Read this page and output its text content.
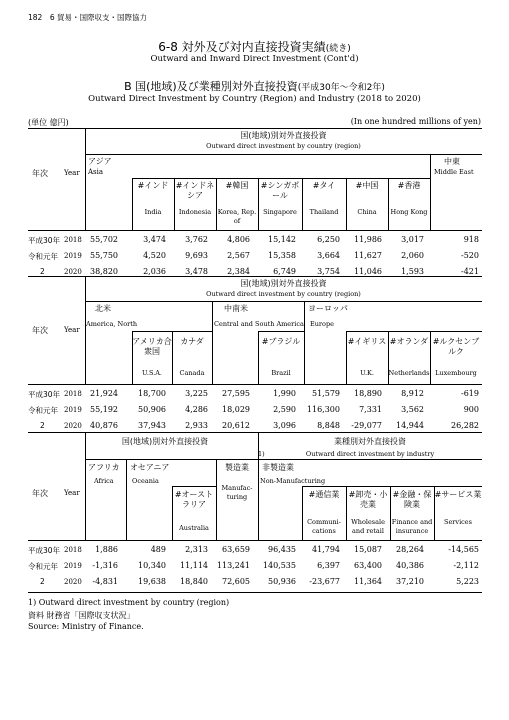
182　6 貿易・国際収支・国際協力
6-8 対外及び対内直接投資実績(続き)
Outward and Inward Direct Investment (Cont'd)
B 国(地域)及び業種別対外直接投資(平成30年～令和2年)
Outward Direct Investment by Country (Region) and Industry (2018 to 2020)
(単位 億円)	(In one hundred millions of yen)
国(地域)別対外直接投資
Outward direct investment by country (region)
年次 Year
アジア
Asia
中東
Middle East
#インド
India
#インドネシア
Indonesia
#韓国
Korea, Rep. of
#シンガポール
Singapore
#タイ
Thailand
#中国
China
#香港
Hong Kong
平成30年 2018	55,702	3,474	3,762	4,806	15,142	6,250	11,986	3,017	918
令和元年 2019	55,750	4,520	9,693	2,567	15,358	3,664	11,627	2,060	-520
2	2020	38,820	2,036	3,478	2,384	6,749	3,754	11,046	1,593	-421
国(地域)別対外直接投資
Outward direct investment by country (region)
年次 Year
北米
America, North
中南米
Central and South America
ヨーロッパ
Europe
アメリカ合衆国
U.S.A.
カナダ
Canada
#ブラジル
Brazil
#イギリス
U.K.
#オランダ
Netherlands
#ルクセンブルク
Luxembourg
平成30年 2018	21,924	18,700	3,225	27,595	1,990	51,579	18,890	8,912	-619
令和元年 2019	55,192	50,906	4,286	18,029	2,590	116,300	7,331	3,562	900
2	2020	40,876	37,943	2,933	20,612	3,096	8,848	-29,077	14,944	26,282
国(地域)別対外直接投資
1)
業種別対外直接投資
Outward direct investment by industry
年次 Year
アフリカ
Africa
オセアニア
Oceania
#オーストラリア
Australia
製造業
Manufac-turing
非製造業
Non-Manufacturing
#通信業
Communi-cations
#卸売・小売業
Wholesale and retail
#金融・保険業
Finance and insurance
#サービス業
Services
平成30年 2018	1,886	489	2,313	63,659	96,435	41,794	15,087	28,264	-14,565
令和元年 2019	-1,316	10,340	11,114	113,241	140,535	6,397	63,400	40,386	-2,112
2	2020	-4,831	19,638	18,840	72,605	50,936	-23,677	11,364	37,210	5,223
1) Outward direct investment by country (region)
資料 財務省「国際収支状況」
Source: Ministry of Finance.
